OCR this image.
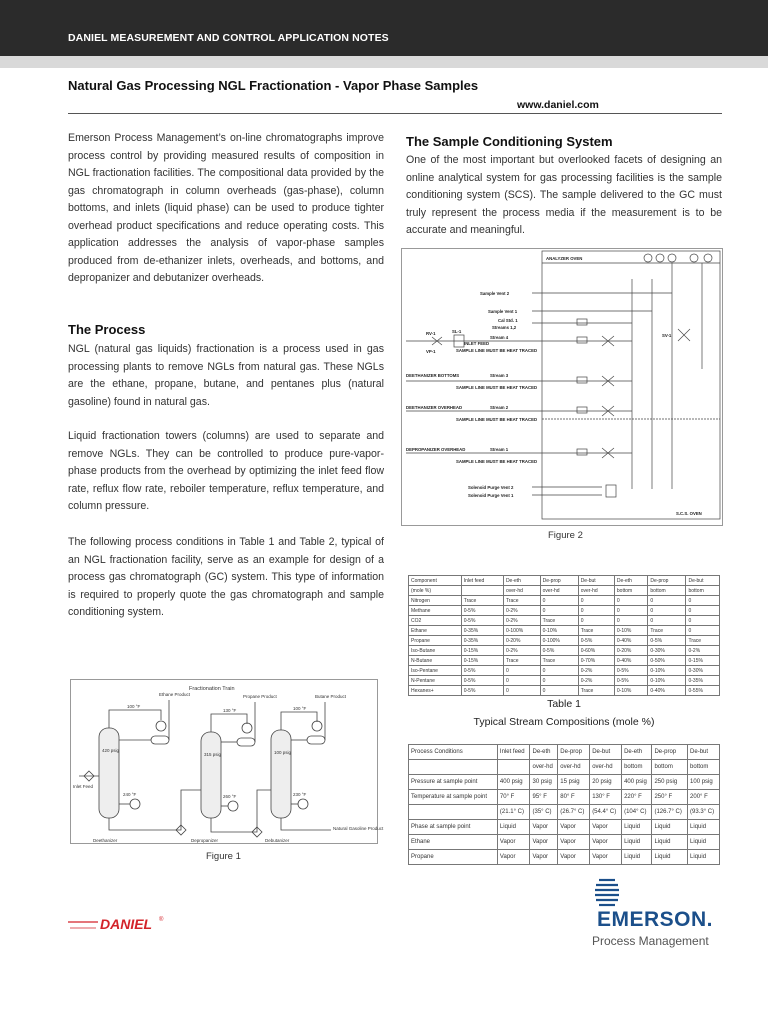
DANIEL MEASUREMENT AND CONTROL APPLICATION NOTES
Natural Gas Processing NGL Fractionation - Vapor Phase Samples
www.daniel.com

Emerson Process Management’s on-line chromatographs improve process control by providing measured results of composition in NGL fractionation facilities. The compositional data provided by the gas chromatograph in column overheads (gas-phase), column bottoms, and inlets (liquid phase) can be used to produce tighter overhead product specifications and reduce operating costs. This application addresses the analysis of vapor-phase samples produced from de-ethanizer inlets, overheads, and bottoms, and depropanizer and debutanizer overheads.

The Process

NGL (natural gas liquids) fractionation is a process used in gas processing plants to remove NGLs from natural gas. These NGLs are the ethane, propane, butane, and pentanes plus (natural gasoline) found in natural gas.

Liquid fractionation towers (columns) are used to separate and remove NGLs. They can be controlled to produce pure-vapor-phase products from the overhead by optimizing the inlet feed flow rate, reflux flow rate, reboiler temperature, reflux temperature, and column pressure.

The following process conditions in Table 1 and Table 2, typical of an NGL fractionation facility, serve as an example for design of a process gas chromatograph (GC) system. This type of information is required to properly quote the gas chromatograph and sample conditioning system.

Fractionation Train
Ethane Product	Propane Product	Butane Product
Deethanizer	Depropanizer	Debutanizer
Natural Gasoline Product
Inlet Feed
420 psig
315 psig	100 psig
100 °F
130 °F	100 °F
240 °F	260 °F	230 °F
Figure 1
The Sample Conditioning System

One of the most important but overlooked facets of designing an online analytical system for gas processing facilities is the sample conditioning system (SCS). The sample delivered to the GC must truly represent the process media if the measurement is to be accurate and meaningful.

ANALYZER OVEN
Sample Vent 2
Sample Vent 1
Cal Std. 1
Streams 1,2
INLET FEED
Stream 4
SAMPLE LINE MUST BE HEAT TRACED
DEETHANIZER BOTTOMS	Stream 3
SAMPLE LINE MUST BE HEAT TRACED
DEETHANIZER OVERHEAD	Stream 2
SAMPLE LINE MUST BE HEAT TRACED
DEPROPANIZER OVERHEAD	Stream 1
SAMPLE LINE MUST BE HEAT TRACED
Solenoid Purge Vent 2
Solenoid Purge Vent 1
S.C.S. OVEN
VP-1
SL-1
SV-1
RV-1
Figure 2
Component	Inlet feed	De-eth	De-prop	De-but	De-eth	De-prop	De-but
(mole %)		over-hd	over-hd	over-hd	bottom	bottom	bottom
Nitrogen	Trace	Trace	0	0	0	0	0
Methane	0-5%	0-2%	0	0	0	0	0
CO2	0-5%	0-2%	Trace	0	0	0	0
Ethane	0-35%	0-100%	0-10%	Trace	0-10%	Trace	0
Propane	0-35%	0-20%	0-100%	0-5%	0-40%	0-5%	Trace
Iso-Butane	0-15%	0-2%	0-5%	0-60%	0-20%	0-30%	0-2%
N-Butane	0-15%	Trace	Trace	0-70%	0-40%	0-50%	0-15%
Iso-Pentane	0-5%	0	0	0-2%	0-5%	0-10%	0-30%
N-Pentane	0-5%	0	0	0-2%	0-5%	0-10%	0-35%
Hexanes+	0-5%	0	0	Trace	0-10%	0-40%	0-55%
Table 1
Typical Stream Compositions (mole %)
Process Conditions	Inlet feed	De-eth	De-prop	De-but	De-eth	De-prop	De-but
		over-hd	over-hd	over-hd	bottom	bottom	bottom
Pressure at sample point	400 psig	30 psig	15 psig	20 psig	400 psig	250 psig	100 psig
Temperature at sample point	70° F	95° F	80° F	130° F	220° F	250° F	200° F
	(21.1° C)	(35° C)	(26.7° C)	(54.4° C)	(104° C)	(126.7° C)	(93.3° C)
Phase at sample point	Liquid	Vapor	Vapor	Vapor	Liquid	Liquid	Liquid
Ethane	Vapor	Vapor	Vapor	Vapor	Liquid	Liquid	Liquid
Propane	Vapor	Vapor	Vapor	Vapor	Liquid	Liquid	Liquid
DANIEL ®	EMERSON.
Process Management
